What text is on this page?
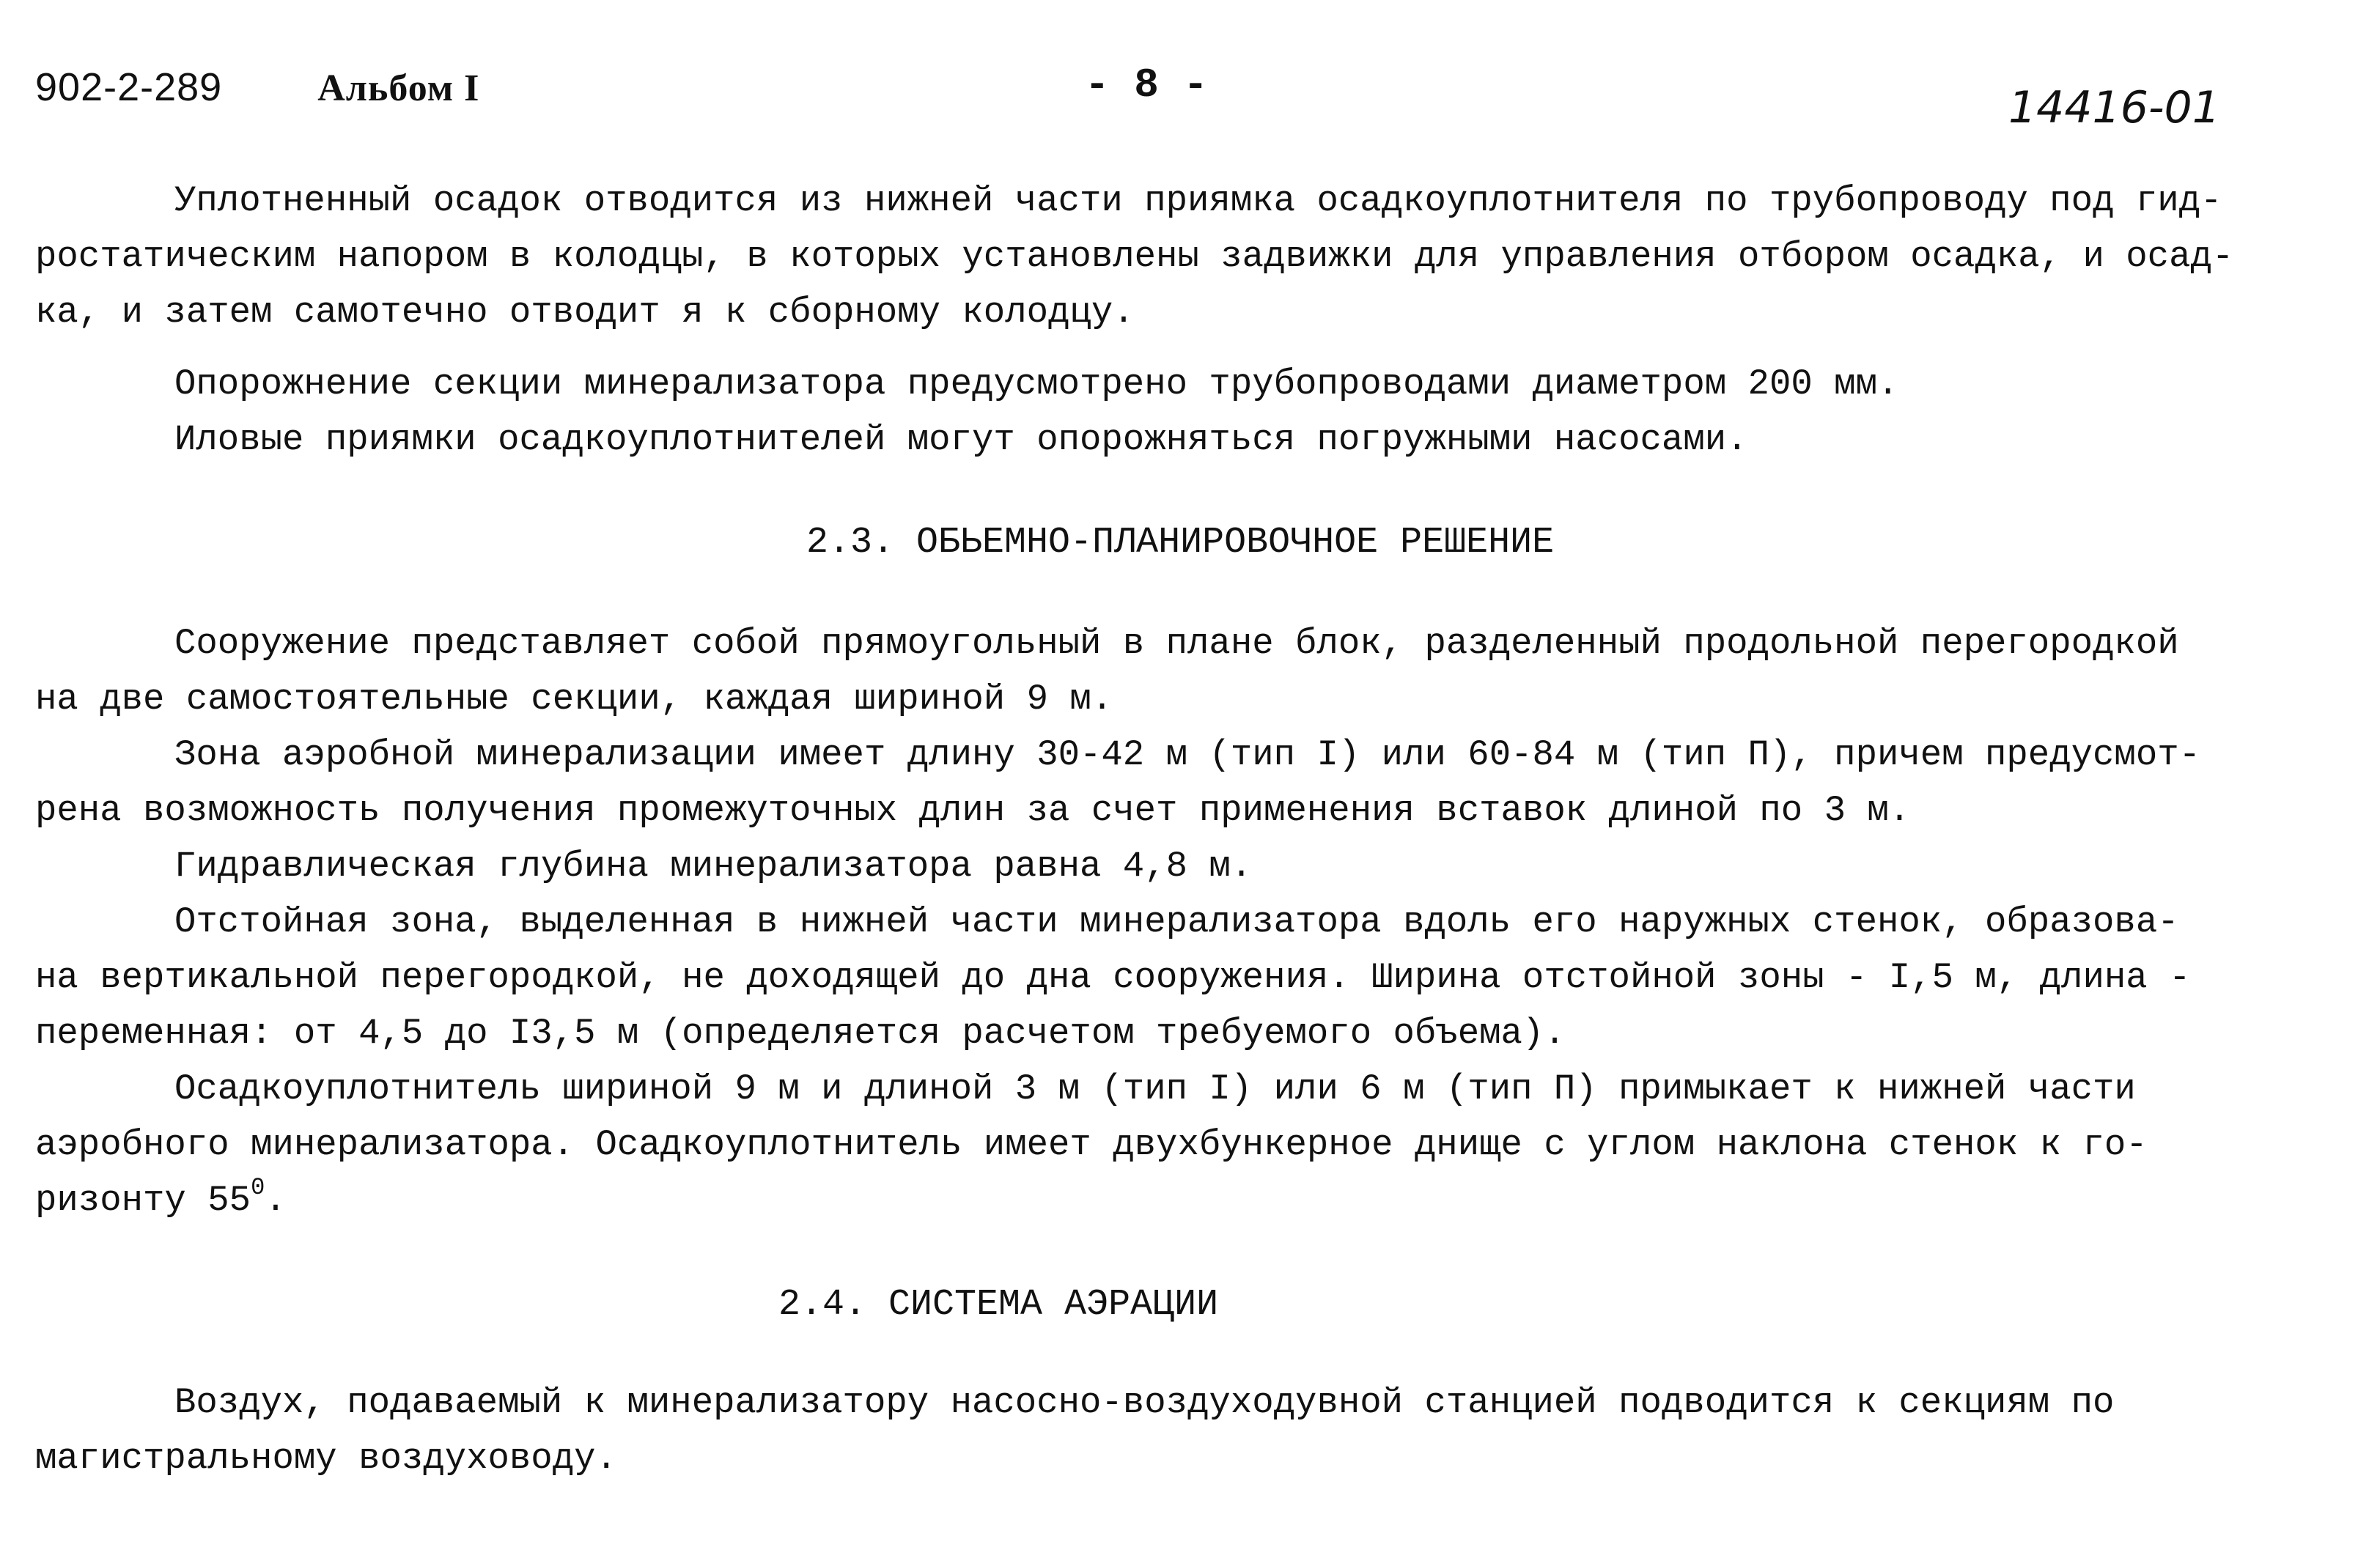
902-2-289	Альбом I	- 8 -	14416-01
Уплотненный осадок отводится из нижней части приямка осадкоуплотнителя по трубопроводу под гид-
ростатическим напором в колодцы, в которых установлены задвижки для управления отбором осадка, и осад-
ка, и затем самотечно отводит я к сборному колодцу.
Опорожнение секции минерализатора предусмотрено трубопроводами диаметром 200 мм.
Иловые приямки осадкоуплотнителей могут опорожняться погружными насосами.
2.3. ОБЬЕМНО-ПЛАНИРОВОЧНОЕ РЕШЕНИЕ
Сооружение представляет собой прямоугольный в плане блок, разделенный продольной перегородкой
на две самостоятельные секции, каждая шириной 9 м.
Зона аэробной минерализации имеет длину 30-42 м (тип I) или 60-84 м (тип П), причем предусмот-
рена возможность получения промежуточных длин за счет применения вставок длиной по 3 м.
Гидравлическая глубина минерализатора равна 4,8 м.
Отстойная зона, выделенная в нижней части минерализатора вдоль его наружных стенок, образова-
на вертикальной перегородкой, не доходящей до дна сооружения. Ширина отстойной зоны - I,5 м, длина -
переменная: от 4,5 до I3,5 м (определяется расчетом требуемого объема).
Осадкоуплотнитель шириной 9 м и длиной 3 м (тип I) или 6 м (тип П) примыкает к нижней части
аэробного минерализатора. Осадкоуплотнитель имеет двухбункерное днище с углом наклона стенок к го-
ризонту $55^0$.
2.4. СИСТЕМА АЭРАЦИИ
Воздух, подаваемый к минерализатору насосно-воздуходувной станцией подводится к секциям по
магистральному воздуховоду.
